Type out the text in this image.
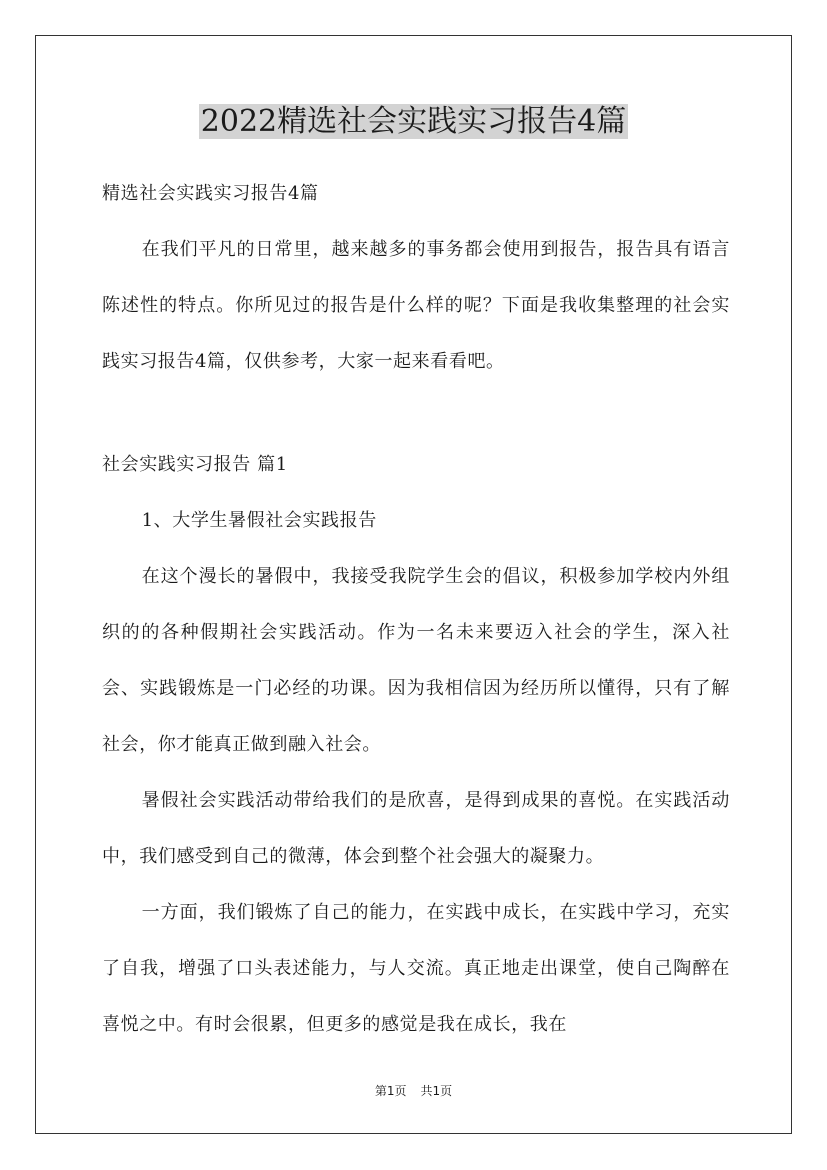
2022精选社会实践实习报告4篇

精选社会实践实习报告4篇

在我们平凡的日常里，越来越多的事务都会使用到报告，报告具有语言陈述性的特点。你所见过的报告是什么样的呢？下面是我收集整理的社会实践实习报告4篇，仅供参考，大家一起来看看吧。

社会实践实习报告 篇1

1、大学生暑假社会实践报告

在这个漫长的暑假中，我接受我院学生会的倡议，积极参加学校内外组织的的各种假期社会实践活动。作为一名未来要迈入社会的学生，深入社会、实践锻炼是一门必经的功课。因为我相信因为经历所以懂得，只有了解社会，你才能真正做到融入社会。

暑假社会实践活动带给我们的是欣喜，是得到成果的喜悦。在实践活动中，我们感受到自己的微薄，体会到整个社会强大的凝聚力。

一方面，我们锻炼了自己的能力，在实践中成长，在实践中学习，充实了自我，增强了口头表述能力，与人交流。真正地走出课堂，使自己陶醉在喜悦之中。有时会很累，但更多的感觉是我在成长，我在

第1页 共1页
